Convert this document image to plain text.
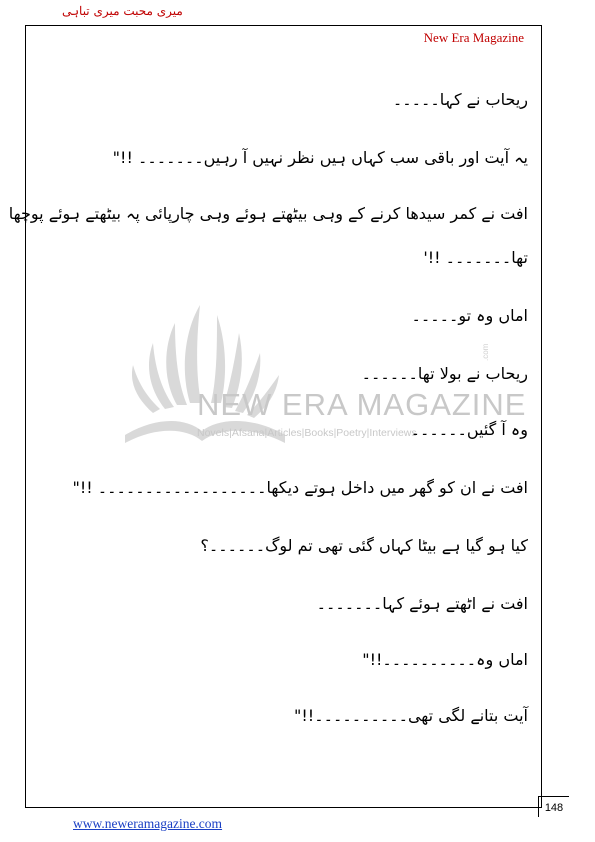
میری محبت میری تباہی
New Era Magazine
NEW ERA MAGAZINE
Novels|Afsana|Articles|Books|Poetry|Interviews
.com
ریحاب نے کہا۔۔۔۔۔
یہ آیت اور باقی سب کہاں ہیں نظر نہیں آ رہیں۔۔۔۔۔۔۔ !!"
افت نے کمر سیدھا کرنے کے وہی بیٹھتے ہوئے وہی چارپائی پہ بیٹھتے ہوئے پوچھا
تھا۔۔۔۔۔۔۔ !!'
اماں وہ تو۔۔۔۔۔
ریحاب نے بولا تھا۔۔۔۔۔۔
وہ آ گئیں۔۔۔۔۔۔
افت نے ان کو گھر میں داخل ہوتے دیکھا۔۔۔۔۔۔۔۔۔۔۔۔۔۔۔۔۔۔ !!"
کیا ہو گیا ہے بیٹا کہاں گئی تھی تم لوگ۔۔۔۔۔۔؟
افت نے اٹھتے ہوئے کہا۔۔۔۔۔۔۔
اماں وہ۔۔۔۔۔۔۔۔۔۔!!"
آیت بتانے لگی تھی۔۔۔۔۔۔۔۔۔۔!!"
148
www.neweramagazine.com
